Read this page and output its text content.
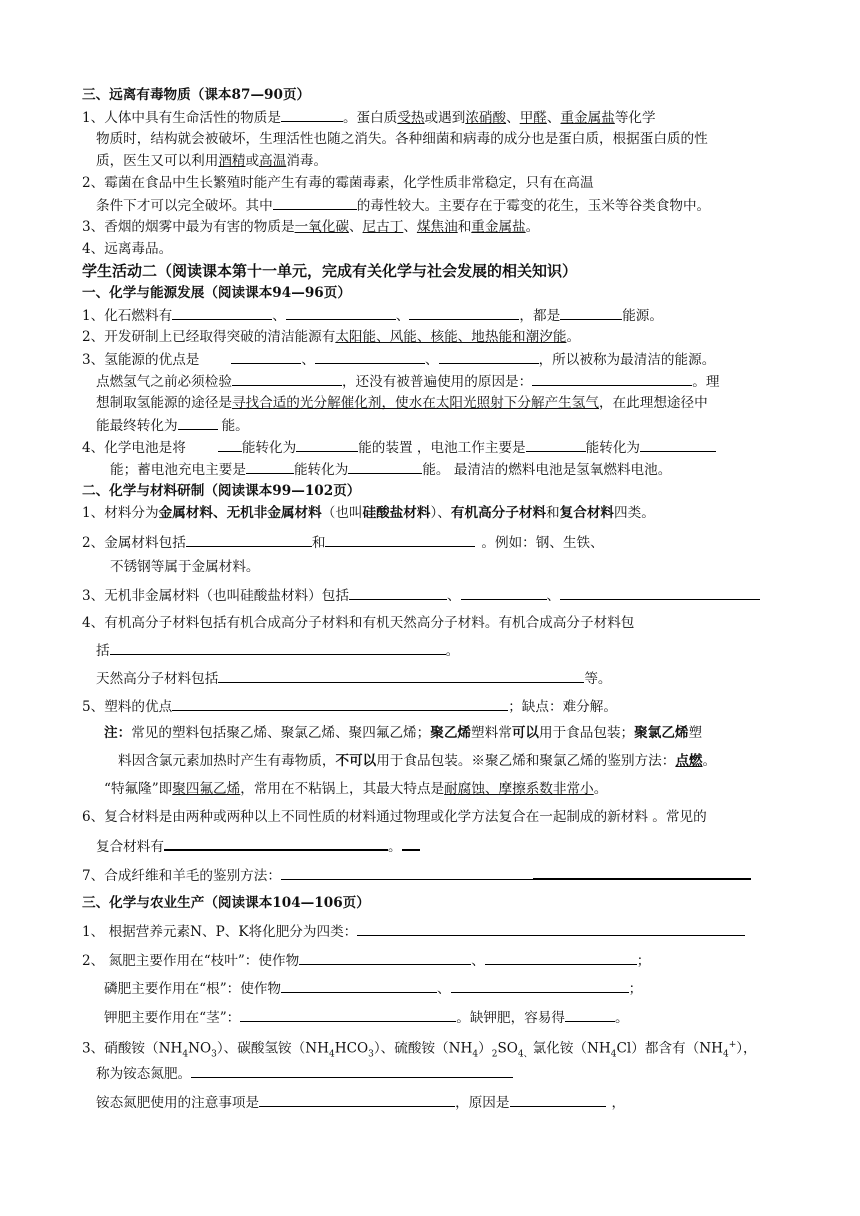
三、远离有毒物质（课本87—90页）
1、人体中具有生命活性的物质是	。蛋白质受热或遇到浓硝酸、甲醛、重金属盐等化学
物质时，结构就会被破坏，生理活性也随之消失。各种细菌和病毒的成分也是蛋白质，根据蛋白质的性
质，医生又可以利用酒精或高温消毒。
2、霉菌在食品中生长繁殖时能产生有毒的霉菌毒素，化学性质非常稳定，只有在高温
条件下才可以完全破坏。其中	的毒性较大。主要存在于霉变的花生，玉米等谷类食物中。
3、香烟的烟雾中最为有害的物质是一氧化碳、尼古丁、煤焦油和重金属盐。
4、远离毒品。
学生活动二（阅读课本第十一单元，完成有关化学与社会发展的相关知识）
一、化学与能源发展（阅读课本94—96页）
1、化石燃料有	、	、	，都是	能源。
2、开发研制上已经取得突破的清洁能源有太阳能、风能、核能、地热能和潮汐能。
3、氢能源的优点是	、	、	，所以被称为最清洁的能源。
点燃氢气之前必须检验	，还没有被普遍使用的原因是：	。理
想制取氢能源的途径是寻找合适的光分解催化剂，使水在太阳光照射下分解产生氢气，在此理想途径中
能最终转化为	能。
4、化学电池是将	能转化为	能的装置 ，电池工作主要是	能转化为
能；蓄电池充电主要是	能转化为	能。 最清洁的燃料电池是氢氧燃料电池。
二、化学与材料研制（阅读课本99—102页）
1、材料分为金属材料、无机非金属材料（也叫硅酸盐材料）、有机高分子材料和复合材料四类。
2、金属材料包括	和	。例如：钢、生铁、
不锈钢等属于金属材料。
3、无机非金属材料（也叫硅酸盐材料）包括	、	、
4、有机高分子材料包括有机合成高分子材料和有机天然高分子材料。有机合成高分子材料包
括	。
天然高分子材料包括	等。
5、塑料的优点	；缺点：难分解。
注：常见的塑料包括聚乙烯、聚氯乙烯、聚四氟乙烯；聚乙烯塑料常可以用于食品包装；聚氯乙烯塑
料因含氯元素加热时产生有毒物质，不可以用于食品包装。※聚乙烯和聚氯乙烯的鉴别方法：点燃。
“特氟隆”即聚四氟乙烯，常用在不粘锅上，其最大特点是耐腐蚀、摩擦系数非常小。
6、复合材料是由两种或两种以上不同性质的材料通过物理或化学方法复合在一起制成的新材料 。常见的
复合材料有	。
7、合成纤维和羊毛的鉴别方法：
三、化学与农业生产（阅读课本104—106页）
1、 根据营养元素N、P、K将化肥分为四类：
2、 氮肥主要作用在“枝叶”：使作物	、	；
磷肥主要作用在“根”：使作物	、	；
钾肥主要作用在“茎”：	。缺钾肥，容易得	。
3、硝酸铵$(NH_4NO_3)$、碳酸氢铵$(NH_4HCO_3)$、硫酸铵$(NH_4)_2SO_{4、}$氯化铵$(NH_4Cl)$都含有$(NH_4^+)$，
称为铵态氮肥。
铵态氮肥使用的注意事项是	，原因是	，
